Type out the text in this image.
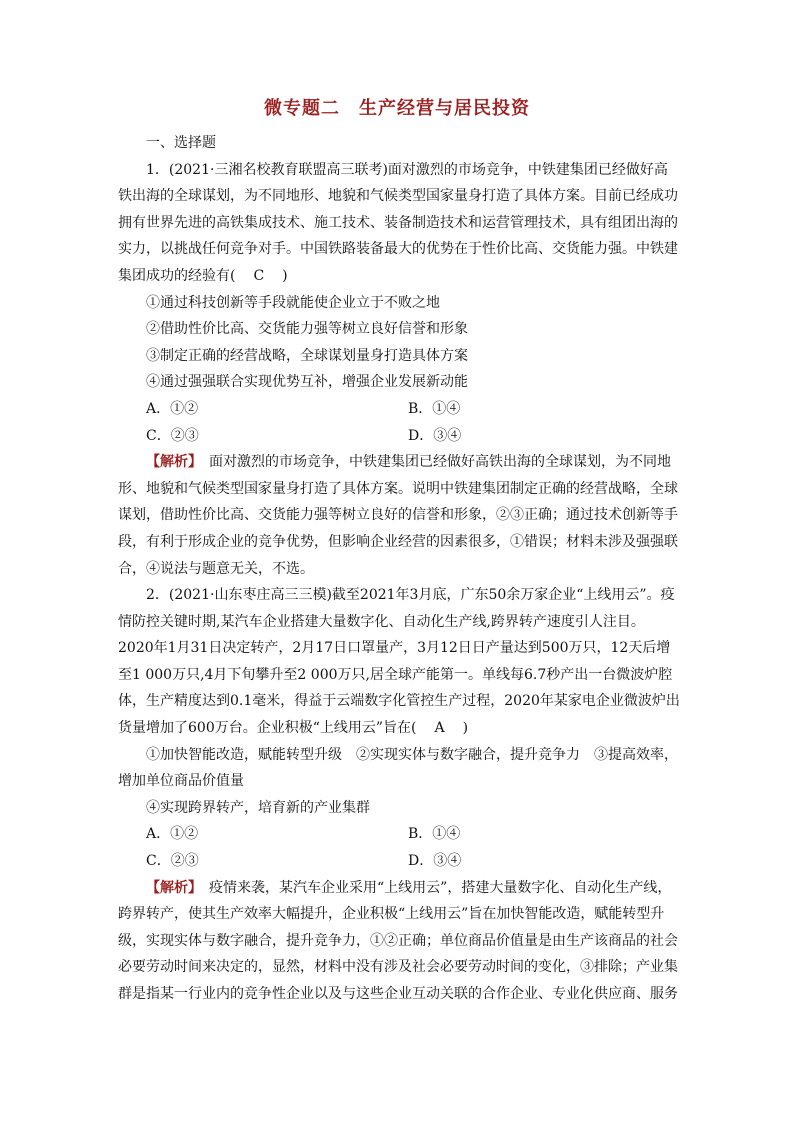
微专题二　生产经营与居民投资

一、选择题

1．(2021·三湘名校教育联盟高三联考)面对激烈的市场竞争，中铁建集团已经做好高铁出海的全球谋划，为不同地形、地貌和气候类型国家量身打造了具体方案。目前已经成功拥有世界先进的高铁集成技术、施工技术、装备制造技术和运营管理技术，具有组团出海的实力，以挑战任何竞争对手。中国铁路装备最大的优势在于性价比高、交货能力强。中铁建集团成功的经验有(　C　)

①通过科技创新等手段就能使企业立于不败之地

②借助性价比高、交货能力强等树立良好信誉和形象

③制定正确的经营战略，全球谋划量身打造具体方案

④通过强强联合实现优势互补，增强企业发展新动能

A．①②	B．①④
C．②③	D．③④

【解析】　面对激烈的市场竞争，中铁建集团已经做好高铁出海的全球谋划，为不同地形、地貌和气候类型国家量身打造了具体方案。说明中铁建集团制定正确的经营战略，全球谋划，借助性价比高、交货能力强等树立良好的信誉和形象，②③正确；通过技术创新等手段，有利于形成企业的竞争优势，但影响企业经营的因素很多，①错误；材料未涉及强强联合，④说法与题意无关，不选。

2．(2021·山东枣庄高三三模)截至2021年3月底，广东50余万家企业“上线用云”。疫情防控关键时期,某汽车企业搭建大量数字化、自动化生产线,跨界转产速度引人注目。2020年1月31日决定转产，2月17日口罩量产，3月12日日产量达到500万只，12天后增至1 000万只,4月下旬攀升至2 000万只,居全球产能第一。单线每6.7秒产出一台微波炉腔体，生产精度达到0.1毫米，得益于云端数字化管控生产过程，2020年某家电企业微波炉出货量增加了600万台。企业积极“上线用云”旨在(　A　)

①加快智能改造，赋能转型升级　②实现实体与数字融合，提升竞争力　③提高效率，增加单位商品价值量

④实现跨界转产，培育新的产业集群

A．①②	B．①④
C．②③	D．③④

【解析】　疫情来袭，某汽车企业采用“上线用云”，搭建大量数字化、自动化生产线，跨界转产，使其生产效率大幅提升，企业积极“上线用云”旨在加快智能改造，赋能转型升级，实现实体与数字融合，提升竞争力，①②正确；单位商品价值量是由生产该商品的社会必要劳动时间来决定的，显然，材料中没有涉及社会必要劳动时间的变化，③排除；产业集群是指某一行业内的竞争性企业以及与这些企业互动关联的合作企业、专业化供应商、服务
